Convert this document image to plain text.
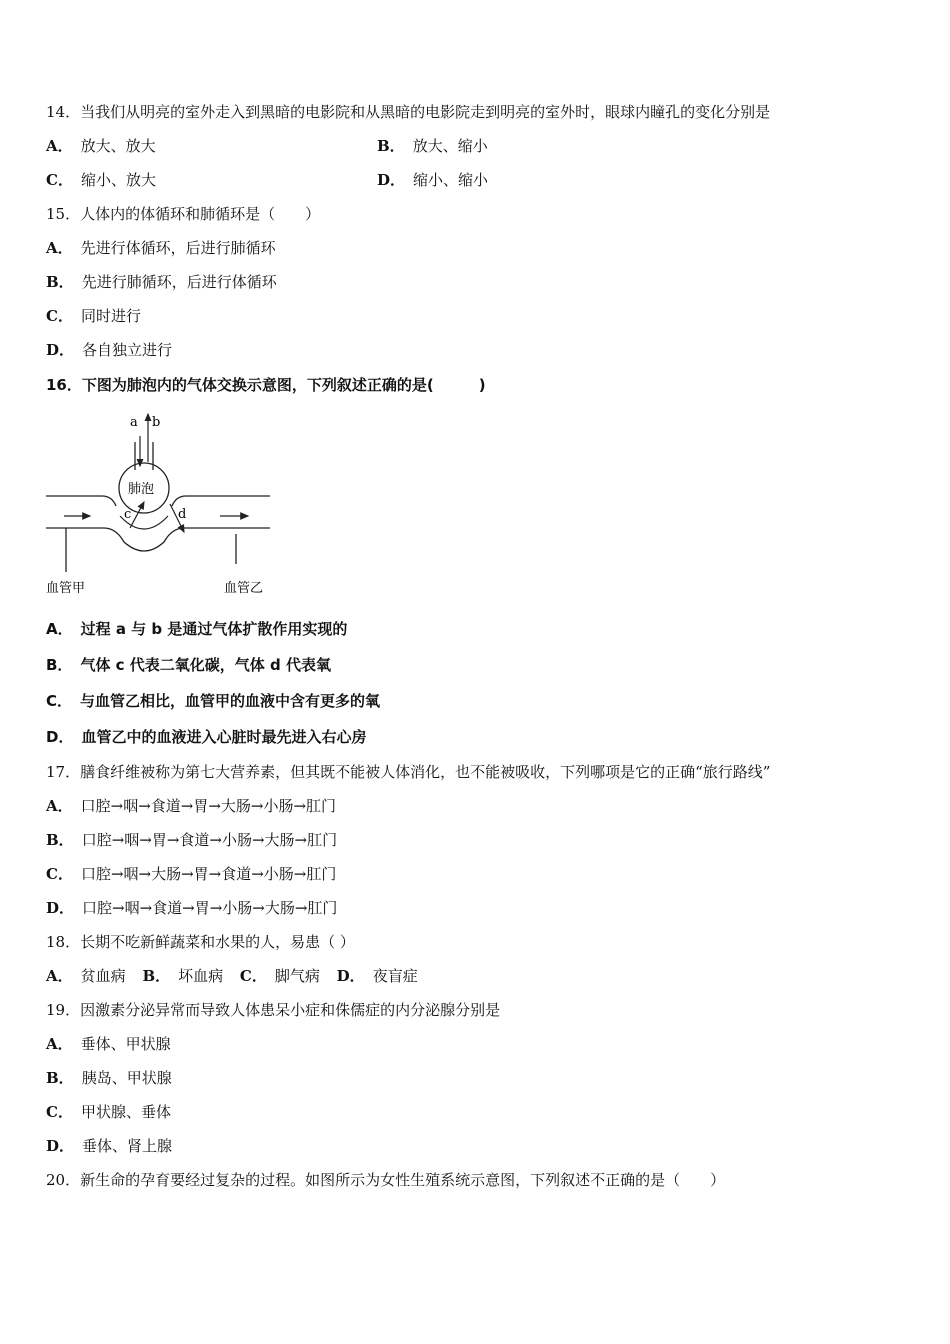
14．当我们从明亮的室外走入到黑暗的电影院和从黑暗的电影院走到明亮的室外时，眼球内瞳孔的变化分别是
A． 放大、放大	B． 放大、缩小
C． 缩小、放大	D． 缩小、缩小
15．人体内的体循环和肺循环是（　　）
A． 先进行体循环，后进行肺循环
B． 先进行肺循环，后进行体循环
C． 同时进行
D． 各自独立进行
16．下图为肺泡内的气体交换示意图，下列叙述正确的是(　　　)
a b
肺泡
c	d
血管甲	血管乙
A． 过程 a 与 b 是通过气体扩散作用实现的
B． 气体 c 代表二氧化碳，气体 d 代表氧
C． 与血管乙相比，血管甲的血液中含有更多的氧
D． 血管乙中的血液进入心脏时最先进入右心房
17．膳食纤维被称为第七大营养素，但其既不能被人体消化，也不能被吸收，下列哪项是它的正确“旅行路线”
A． 口腔→咽→食道→胃→大肠→小肠→肛门
B． 口腔→咽→胃→食道→小肠→大肠→肛门
C． 口腔→咽→大肠→胃→食道→小肠→肛门
D． 口腔→咽→食道→胃→小肠→大肠→肛门
18．长期不吃新鲜蔬菜和水果的人，易患（ ）
A． 贫血病 B． 坏血病 C． 脚气病 D． 夜盲症
19．因激素分泌异常而导致人体患呆小症和侏儒症的内分泌腺分别是
A． 垂体、甲状腺
B． 胰岛、甲状腺
C． 甲状腺、垂体
D． 垂体、肾上腺
20．新生命的孕育要经过复杂的过程。如图所示为女性生殖系统示意图，下列叙述不正确的是（　　）
